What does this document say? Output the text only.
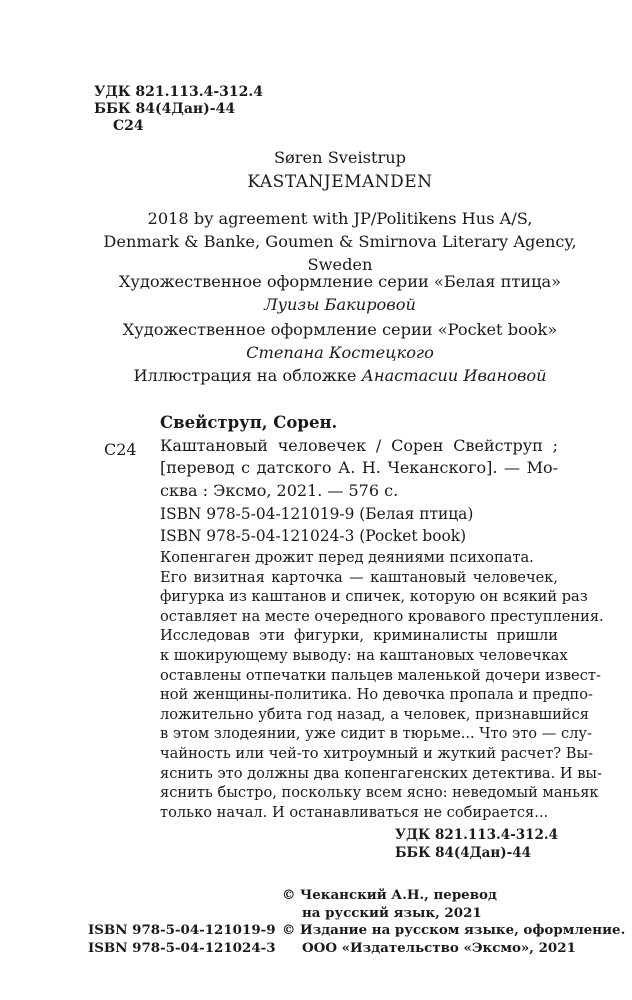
УДК 821.113.4-312.4
ББК 84(4Дан)-44
С24
Søren Sveistrup
KASTANJEMANDEN
2018 by agreement with JP/Politikens Hus A/S,
Denmark & Banke, Goumen & Smirnova Literary Agency,
Sweden
Художественное оформление серии «Белая птица»
Луизы Бакировой
Художественное оформление серии «Pocket book»
Степана Костецкого
Иллюстрация на обложке Анастасии Ивановой
Свейструп, Сорен.
Каштановый человечек / Сорен Свейструп ;
[перевод с датского А. Н. Чеканского]. — Мо-
сква : Эксмо, 2021. — 576 с.
С24
ISBN 978-5-04-121019-9 (Белая птица)
ISBN 978-5-04-121024-3 (Pocket book)
Копенгаген дрожит перед деяниями психопата.
Его визитная карточка — каштановый человечек,
фигурка из каштанов и спичек, которую он всякий раз
оставляет на месте очередного кровавого преступления.
Исследовав эти фигурки, криминалисты пришли
к шокирующему выводу: на каштановых человечках
оставлены отпечатки пальцев маленькой дочери извест-
ной женщины-политика. Но девочка пропала и предпо-
ложительно убита год назад, а человек, признавшийся
в этом злодеянии, уже сидит в тюрьме... Что это — слу-
чайность или чей-то хитроумный и жуткий расчет? Вы-
яснить это должны два копенгагенских детектива. И вы-
яснить быстро, поскольку всем ясно: неведомый маньяк
только начал. И останавливаться не собирается...
УДК 821.113.4-312.4
ББК 84(4Дан)-44
© Чеканский А.Н., перевод
на русский язык, 2021
© Издание на русском языке, оформление.
ООО «Издательство «Эксмо», 2021
ISBN 978-5-04-121019-9
ISBN 978-5-04-121024-3
